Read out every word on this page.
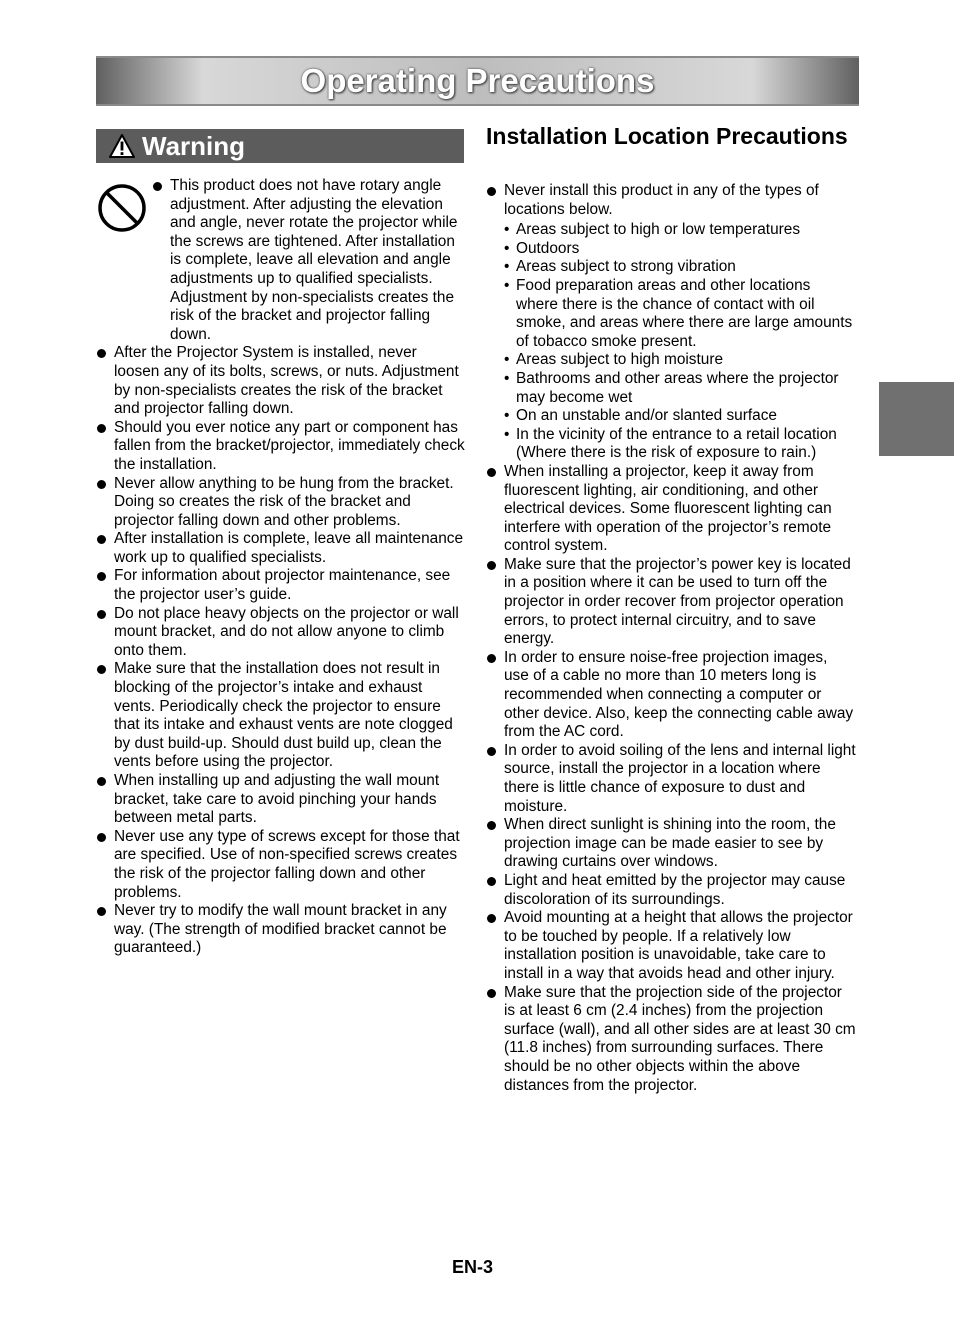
Operating Precautions
Warning
This product does not have rotary angle adjustment. After adjusting the elevation and angle, never rotate the projector while the screws are tightened. After installation is complete, leave all elevation and angle adjustments up to qualified specialists. Adjustment by non-specialists creates the risk of the bracket and projector falling down.
After the Projector System is installed, never loosen any of its bolts, screws, or nuts. Adjustment by non-specialists creates the risk of the bracket and projector falling down.
Should you ever notice any part or component has fallen from the bracket/projector, immediately check the installation.
Never allow anything to be hung from the bracket. Doing so creates the risk of the bracket and projector falling down and other problems.
After installation is complete, leave all maintenance work up to qualified specialists.
For information about projector maintenance, see the projector user’s guide.
Do not place heavy objects on the projector or wall mount bracket, and do not allow anyone to climb onto them.
Make sure that the installation does not result in blocking of the projector’s intake and exhaust vents. Periodically check the projector to ensure that its intake and exhaust vents are note clogged by dust build-up. Should dust build up, clean the vents before using the projector.
When installing up and adjusting the wall mount bracket, take care to avoid pinching your hands between metal parts.
Never use any type of screws except for those that are specified. Use of non-specified screws creates the risk of the projector falling down and other problems.
Never try to modify the wall mount bracket in any way. (The strength of modified bracket cannot be guaranteed.)
Installation Location Precautions
Never install this product in any of the types of locations below.
• Areas subject to high or low temperatures
• Outdoors
• Areas subject to strong vibration
• Food preparation areas and other locations where there is the chance of contact with oil smoke, and areas where there are large amounts of tobacco smoke present.
• Areas subject to high moisture
• Bathrooms and other areas where the projector may become wet
• On an unstable and/or slanted surface
• In the vicinity of the entrance to a retail location (Where there is the risk of exposure to rain.)
When installing a projector, keep it away from fluorescent lighting, air conditioning, and other electrical devices. Some fluorescent lighting can interfere with operation of the projector’s remote control system.
Make sure that the projector’s power key is located in a position where it can be used to turn off the projector in order recover from projector operation errors, to protect internal circuitry, and to save energy.
In order to ensure noise-free projection images, use of a cable no more than 10 meters long is recommended when connecting a computer or other device. Also, keep the connecting cable away from the AC cord.
In order to avoid soiling of the lens and internal light source, install the projector in a location where there is little chance of exposure to dust and moisture.
When direct sunlight is shining into the room, the projection image can be made easier to see by drawing curtains over windows.
Light and heat emitted by the projector may cause discoloration of its surroundings.
Avoid mounting at a height that allows the projector to be touched by people. If a relatively low installation position is unavoidable, take care to install in a way that avoids head and other injury.
Make sure that the projection side of the projector is at least 6 cm (2.4 inches) from the projection surface (wall), and all other sides are at least 30 cm (11.8 inches) from surrounding surfaces. There should be no other objects within the above distances from the projector.
EN-3
